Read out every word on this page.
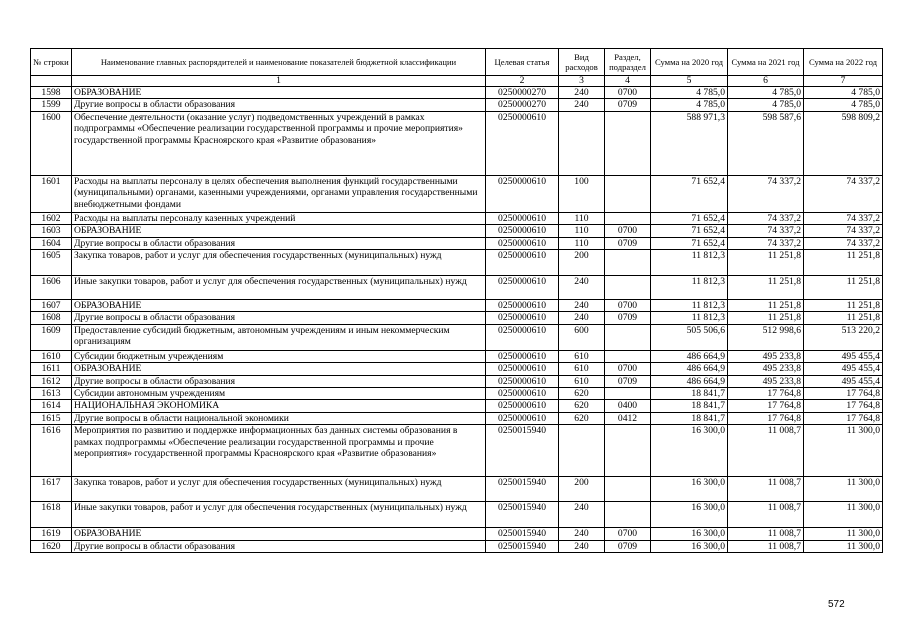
№ строки	Наименование главных распорядителей и наименование показателей бюджетной классификации	Целевая статья	Вид расходов	Раздел, подраздел	Сумма на 2020 год	Сумма на 2021 год	Сумма на 2022 год
	1	2	3	4	5	6	7
1598	ОБРАЗОВАНИЕ	0250000270	240	0700	4 785,0	4 785,0	4 785,0
1599	Другие вопросы в области образования	0250000270	240	0709	4 785,0	4 785,0	4 785,0
1600	Обеспечение деятельности (оказание услуг) подведомственных учреждений в рамках подпрограммы «Обеспечение реализации государственной программы и прочие мероприятия» государственной программы Красноярского края «Развитие образования»	0250000610			588 971,3	598 587,6	598 809,2
1601	Расходы на выплаты персоналу в целях обеспечения выполнения функций государственными (муниципальными) органами, казенными учреждениями, органами управления государственными внебюджетными фондами	0250000610	100		71 652,4	74 337,2	74 337,2
1602	Расходы на выплаты персоналу казенных учреждений	0250000610	110		71 652,4	74 337,2	74 337,2
1603	ОБРАЗОВАНИЕ	0250000610	110	0700	71 652,4	74 337,2	74 337,2
1604	Другие вопросы в области образования	0250000610	110	0709	71 652,4	74 337,2	74 337,2
1605	Закупка товаров, работ и услуг для обеспечения государственных (муниципальных) нужд	0250000610	200		11 812,3	11 251,8	11 251,8
1606	Иные закупки товаров, работ и услуг для обеспечения государственных (муниципальных) нужд	0250000610	240		11 812,3	11 251,8	11 251,8
1607	ОБРАЗОВАНИЕ	0250000610	240	0700	11 812,3	11 251,8	11 251,8
1608	Другие вопросы в области образования	0250000610	240	0709	11 812,3	11 251,8	11 251,8
1609	Предоставление субсидий бюджетным, автономным учреждениям и иным некоммерческим организациям	0250000610	600		505 506,6	512 998,6	513 220,2
1610	Субсидии бюджетным учреждениям	0250000610	610		486 664,9	495 233,8	495 455,4
1611	ОБРАЗОВАНИЕ	0250000610	610	0700	486 664,9	495 233,8	495 455,4
1612	Другие вопросы в области образования	0250000610	610	0709	486 664,9	495 233,8	495 455,4
1613	Субсидии автономным учреждениям	0250000610	620		18 841,7	17 764,8	17 764,8
1614	НАЦИОНАЛЬНАЯ ЭКОНОМИКА	0250000610	620	0400	18 841,7	17 764,8	17 764,8
1615	Другие вопросы в области национальной экономики	0250000610	620	0412	18 841,7	17 764,8	17 764,8
1616	Мероприятия по развитию и поддержке информационных баз данных системы образования в рамках подпрограммы «Обеспечение реализации государственной программы и прочие мероприятия» государственной программы Красноярского края «Развитие образования»	0250015940			16 300,0	11 008,7	11 300,0
1617	Закупка товаров, работ и услуг для обеспечения государственных (муниципальных) нужд	0250015940	200		16 300,0	11 008,7	11 300,0
1618	Иные закупки товаров, работ и услуг для обеспечения государственных (муниципальных) нужд	0250015940	240		16 300,0	11 008,7	11 300,0
1619	ОБРАЗОВАНИЕ	0250015940	240	0700	16 300,0	11 008,7	11 300,0
1620	Другие вопросы в области образования	0250015940	240	0709	16 300,0	11 008,7	11 300,0
572
